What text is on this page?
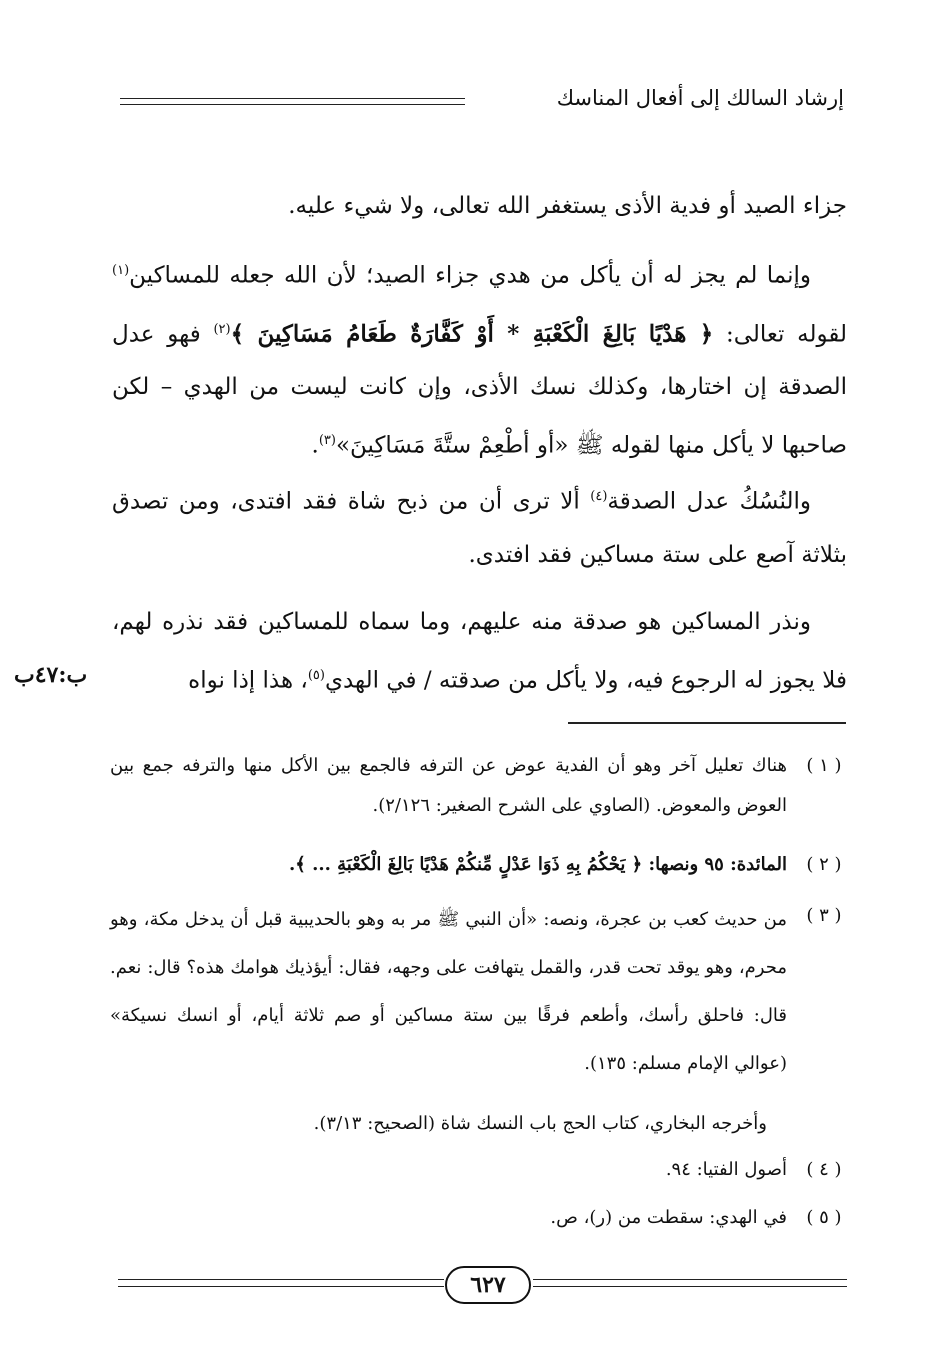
إرشاد السالك إلى أفعال المناسك

جزاء الصيد أو فدية الأذى يستغفر الله تعالى، ولا شيء عليه.

وإنما لم يجز له أن يأكل من هدي جزاء الصيد؛ لأن الله جعله للمساكين$^{(١)}$ لقوله تعالى: ﴿ هَدْيًا بَالِغَ الْكَعْبَةِ * أَوْ كَفَّارَةٌ طَعَامُ مَسَاكِينَ ﴾$^{(٢)}$ فهو عدل الصدقة إن اختارها، وكذلك نسك الأذى، وإن كانت ليست من الهدي – لكن صاحبها لا يأكل منها لقوله ﷺ «أو أطْعِمْ ستَّةَ مَسَاكِينَ»$^{(٣)}$.

والنُسُكُ عدل الصدقة$^{(٤)}$ ألا ترى أن من ذبح شاة فقد افتدى، ومن تصدق بثلاثة آصع على ستة مساكين فقد افتدى.

ونذر المساكين هو صدقة منه عليهم، وما سماه للمساكين فقد نذره لهم، فلا يجوز له الرجوع فيه، ولا يأكل من صدقته / في الهدي$^{(٥)}$، هذا إذا نواه

ب:٤٧ب
( ١ )
هناك تعليل آخر وهو أن الفدية عوض عن الترفه فالجمع بين الأكل منها والترفه جمع بين العوض والمعوض. (الصاوي على الشرح الصغير: ٢/١٢٦).
( ٢ )
المائدة: ٩٥ ونصها: ﴿ يَحْكُمُ بِهِ ذَوَا عَدْلٍ مِّنكُمْ هَدْيًا بَالِغَ الْكَعْبَةِ ... ﴾.
( ٣ )
من حديث كعب بن عجرة، ونصه: «أن النبي ﷺ مر به وهو بالحديبية قبل أن يدخل مكة، وهو محرم، وهو يوقد تحت قدر، والقمل يتهافت على وجهه، فقال: أيؤذيك هوامك هذه؟ قال: نعم. قال: فاحلق رأسك، وأطعم فرقًا بين ستة مساكين أو صم ثلاثة أيام، أو انسك نسيكة» (عوالي الإمام مسلم: ١٣٥).
وأخرجه البخاري، كتاب الحج باب النسك شاة (الصحيح: ٣/١٣).
( ٤ )
أصول الفتيا: ٩٤.
( ٥ )
في الهدي: سقطت من (ر)، ص.
٦٢٧
